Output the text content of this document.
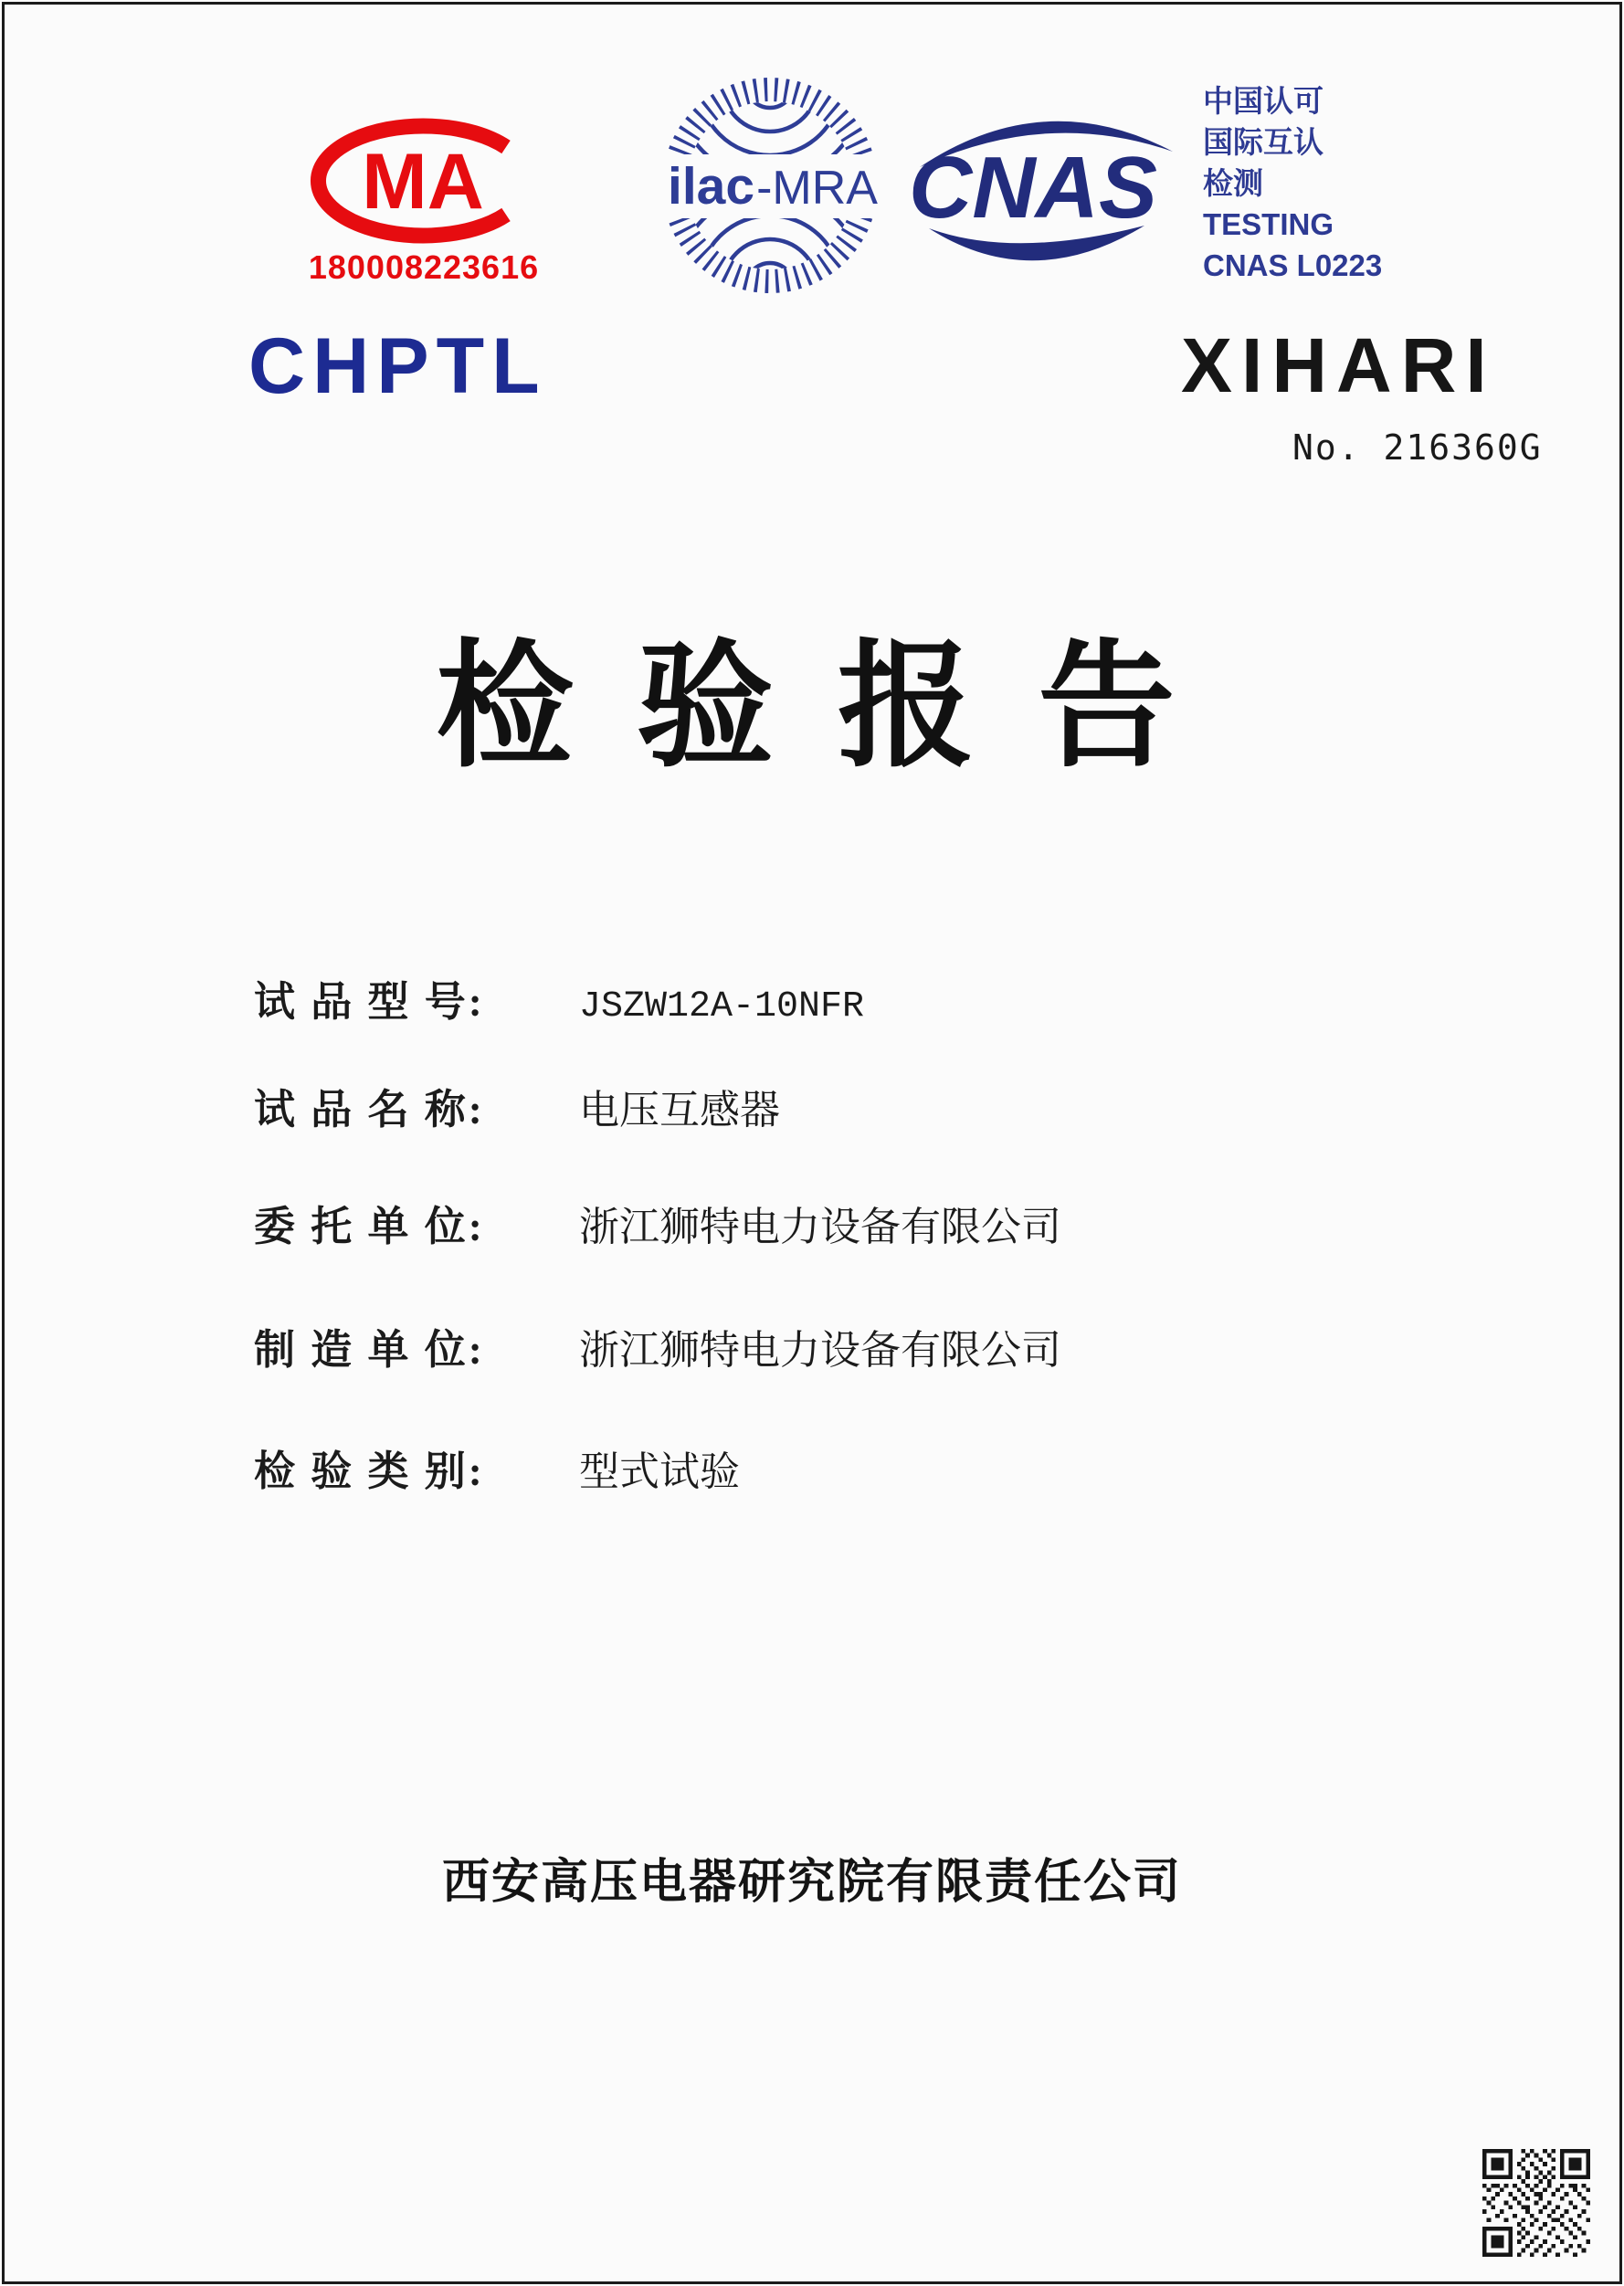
MA
180008223616
ilac-MRA CNAS
中国认可
国际互认
检测
TESTING
CNAS L0223
CHPTL	XIHARI
No. 216360G
检 验 报 告
试 品 型 号:	JSZW12A-10NFR
试 品 名 称: 电压互感器
委 托 单 位: 浙江狮特电力设备有限公司
制 造 单 位: 浙江狮特电力设备有限公司
检 验 类 别: 型式试验
西安高压电器研究院有限责任公司
